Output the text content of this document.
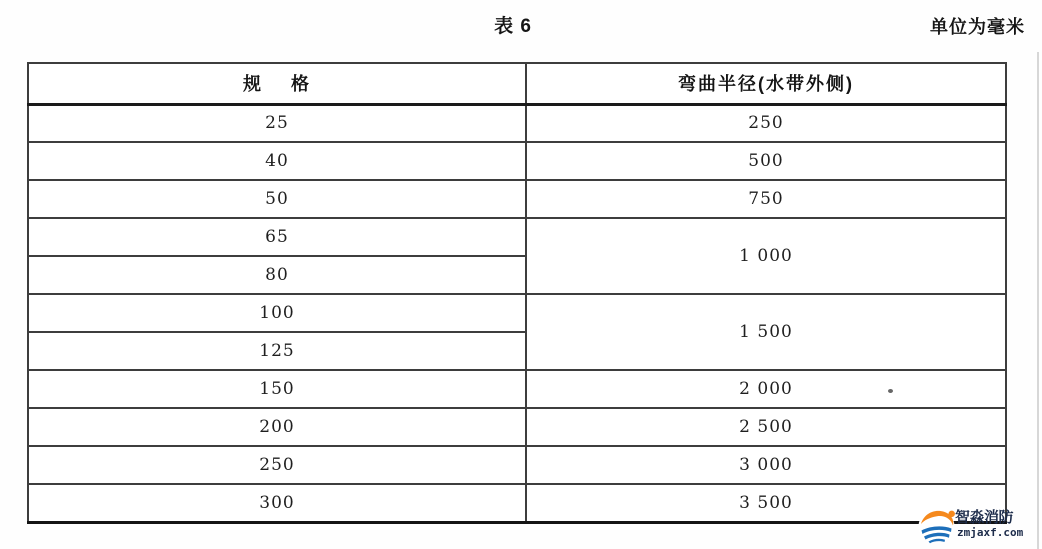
表 6	单位为毫米
规    格	弯曲半径(水带外侧)
25	250
40	500
50	750
65	1 000
80	
100	1 500
125	
150	2 000
200	2 500
250	3 000
300	3 500
智淼消防
zmjaxf.com
